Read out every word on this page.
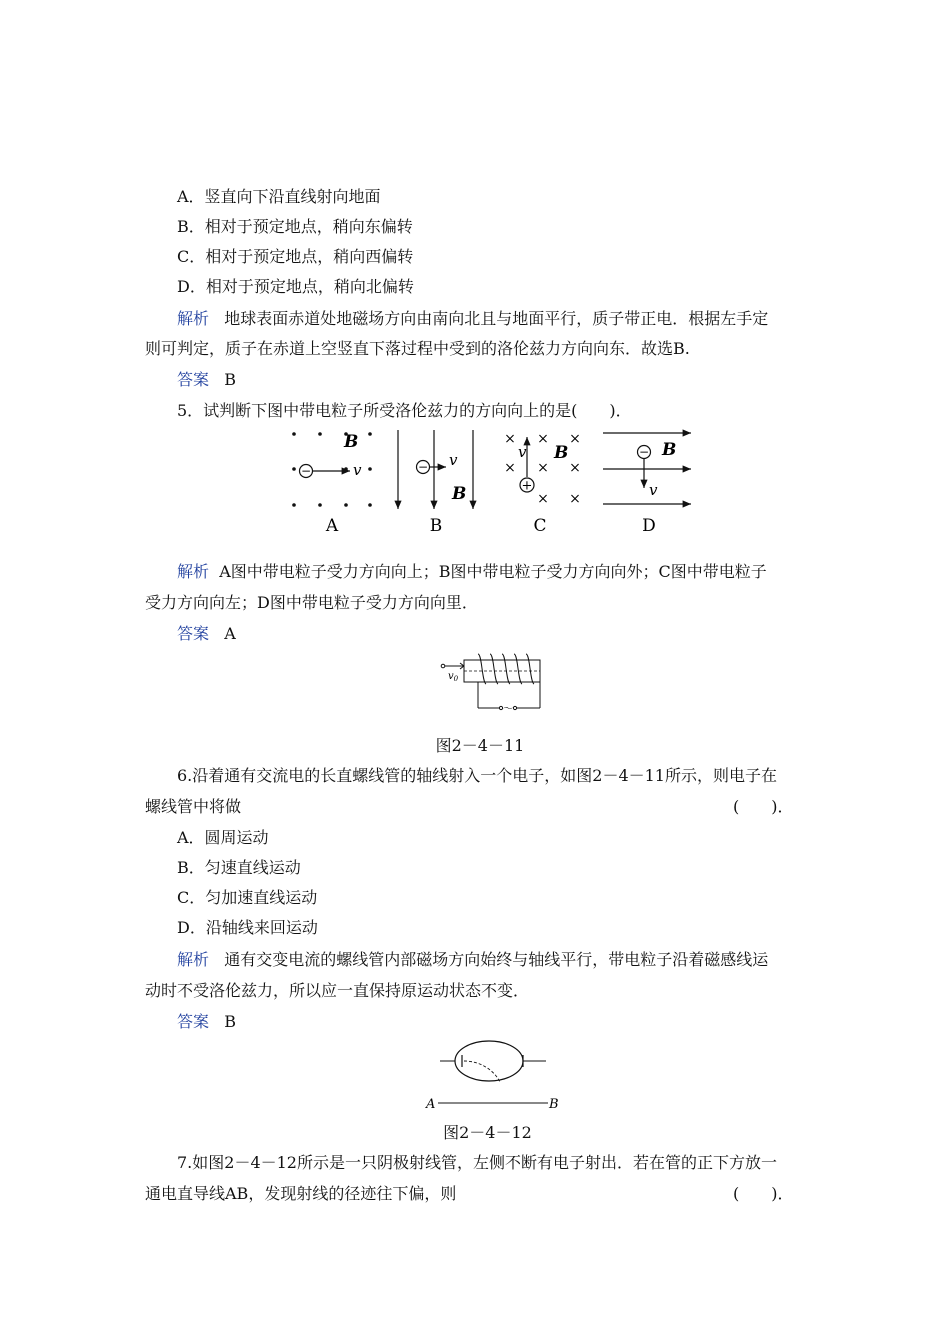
A．竖直向下沿直线射向地面
B．相对于预定地点，稍向东偏转
C．相对于预定地点，稍向西偏转
D．相对于预定地点，稍向北偏转
解析 地球表面赤道处地磁场方向由南向北且与地面平行，质子带正电．根据左手定
则可判定，质子在赤道上空竖直下落过程中受到的洛伦兹力方向向东．故选B.
答案 B
5．试判断下图中带电粒子所受洛伦兹力的方向向上的是(　　)．
B
−	v
A
− v
B
B
× × ×
× × ×
× ×
v
+
B
C
−
v
B
D
解析 A图中带电粒子受力方向向上；B图中带电粒子受力方向向外；C图中带电粒子
受力方向向左；D图中带电粒子受力方向向里．
答案 A
$v_0$
～
图2－4－11
6.沿着通有交流电的长直螺线管的轴线射入一个电子，如图2－4－11所示，则电子在
螺线管中将做	(　　)．
A．圆周运动
B．匀速直线运动
C．匀加速直线运动
D．沿轴线来回运动
解析 通有交变电流的螺线管内部磁场方向始终与轴线平行，带电粒子沿着磁感线运
动时不受洛伦兹力，所以应一直保持原运动状态不变．
答案 B
A	B
图2－4－12
7.如图2－4－12所示是一只阴极射线管，左侧不断有电子射出．若在管的正下方放一
通电直导线AB，发现射线的径迹往下偏，则	(　　)．
